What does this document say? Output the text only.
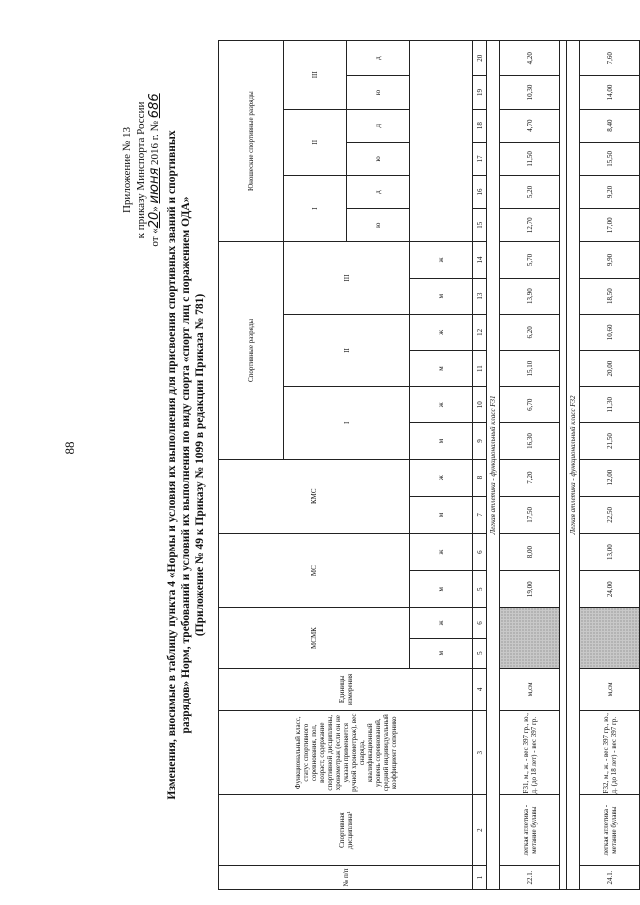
88
Приложение № 13 к приказу Минспорта России от «20» июня 2016 г. № 686
Изменения, вносимые в таблицу пункта 4 «Нормы и условия их выполнения для присвоения спортивных званий и спортивных разрядов» Норм, требований и условий их выполнения по виду спорта «спорт лиц с поражением ОДА» (Приложение № 49 к Приказу № 1099 в редакции Приказа № 781)
№ п/п	Спортивная дисциплина¹	Функциональный класс, статус спортивного соревнования, пол, возраст, содержание спортивной дисциплины, хронометраж (если он не указан применяется ручной хронометраж), вес снаряда, квалификационный уровень соревнований, средний индивидуальный коэффициент сопернико	Единицы измерения	МСМК		МС		КМС		Спортивные разряды						Юношеские спортивные разряды					
										I		II		III		I		II		III	
																ю	д	ю	д	ю	д
				м	ж	м	ж	м	ж	м	ж	м	ж	м	ж						
1	2	3	4	5	6	5	6	7	8	9	10	11	12	13	14	15	16	17	18	19	20
Легкая атлетика - функциональный класс F31																					
22.1.	легкая атлетика - метание булавы	F31, м., ж. - вес 397 гр., ю., д. (до 18 лет) - вес 397 гр.	м,см			19,00	8,00	17,50	7,20	16,30	6,70	15,10	6,20	13,90	5,70	12,70	5,20	11,50	4,70	10,30	4,20

Легкая атлетика - функциональный класс F32																					
24.1.	легкая атлетика - метание булавы	F32, м., ж. - вес 397 гр., ю., д. (до 18 лет) - вес 397 гр.	м,см			24,00	13,00	22,50	12,00	21,50	11,30	20,00	10,60	18,50	9,90	17,00	9,20	15,50	8,40	14,00	7,60
